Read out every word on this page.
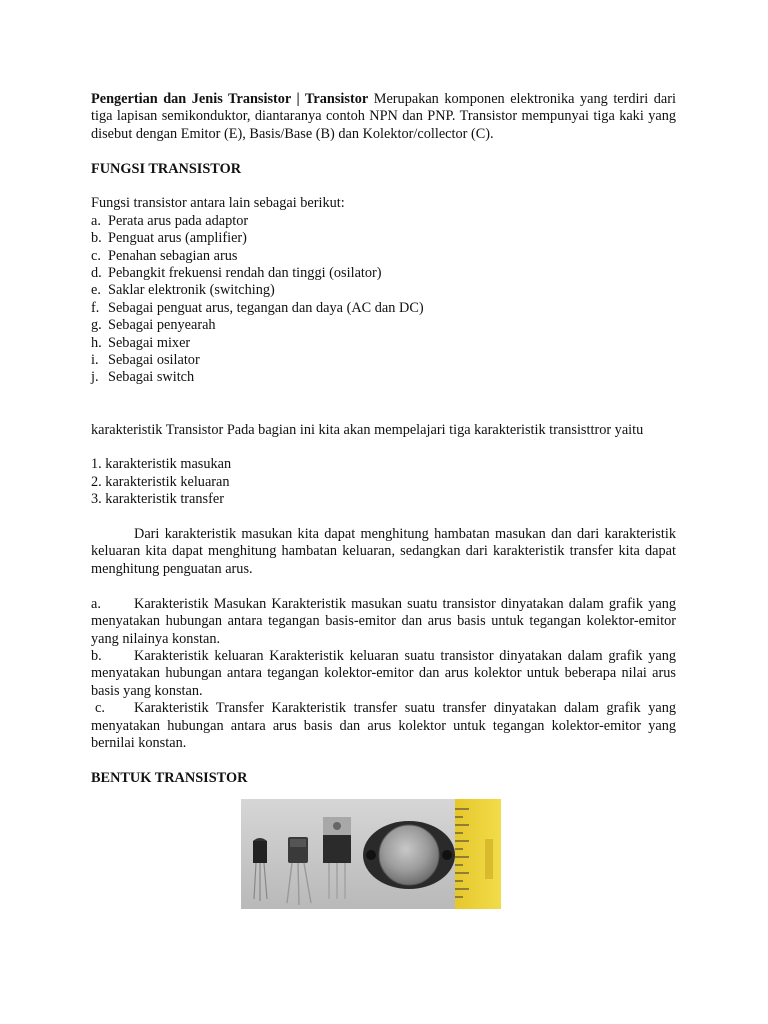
Pengertian dan Jenis Transistor | Transistor Merupakan komponen elektronika yang terdiri dari tiga lapisan semikonduktor, diantaranya contoh NPN dan PNP. Transistor mempunyai tiga kaki yang disebut dengan Emitor (E), Basis/Base (B) dan Kolektor/collector (C).

FUNGSI TRANSISTOR

Fungsi transistor antara lain sebagai berikut:

a. Perata arus pada adaptor
b. Penguat arus (amplifier)
c. Penahan sebagian arus
d. Pebangkit frekuensi rendah dan tinggi (osilator)
e. Saklar elektronik (switching)
f. Sebagai penguat arus, tegangan dan daya (AC dan DC)
g. Sebagai penyearah
h. Sebagai mixer
i. Sebagai osilator
j. Sebagai switch

karakteristik Transistor Pada bagian ini kita akan mempelajari tiga karakteristik transisttror yaitu

1. karakteristik masukan

2. karakteristik keluaran

3. karakteristik transfer

Dari karakteristik masukan kita dapat menghitung hambatan masukan dan dari karakteristik keluaran kita dapat menghitung hambatan keluaran, sedangkan dari karakteristik transfer kita dapat menghitung penguatan arus.

a. Karakteristik Masukan Karakteristik masukan suatu transistor dinyatakan dalam grafik yang menyatakan hubungan antara tegangan basis-emitor dan arus basis untuk tegangan kolektor-emitor yang nilainya konstan.

b. Karakteristik keluaran Karakteristik keluaran suatu transistor dinyatakan dalam grafik yang menyatakan hubungan antara tegangan kolektor-emitor dan arus kolektor untuk beberapa nilai arus basis yang konstan.

c. Karakteristik Transfer Karakteristik transfer suatu transfer dinyatakan dalam grafik yang menyatakan hubungan antara arus basis dan arus kolektor untuk tegangan kolektor-emitor yang bernilai konstan.

BENTUK TRANSISTOR
